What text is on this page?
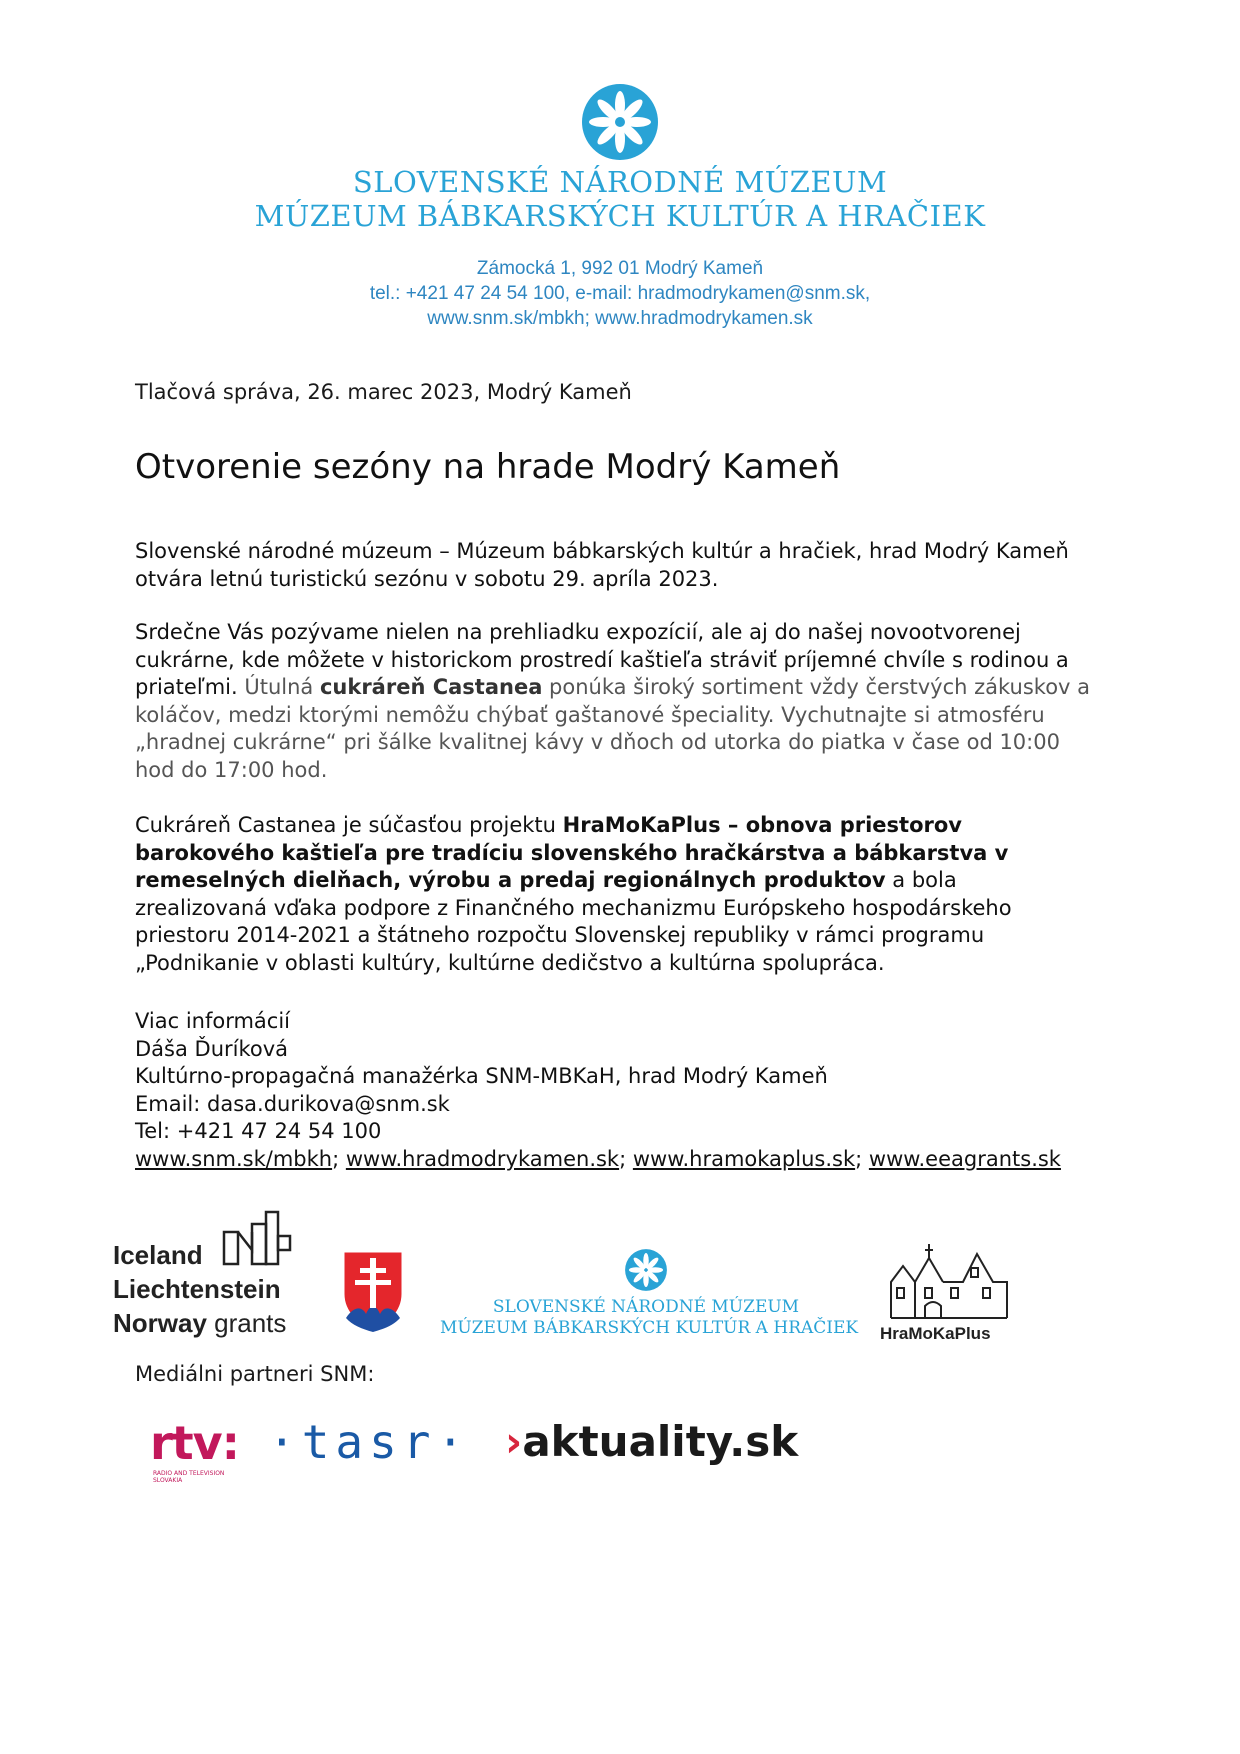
SLOVENSKÉ NÁRODNÉ MÚZEUM
MÚZEUM BÁBKARSKÝCH KULTÚR A HRAČIEK
Zámocká 1, 992 01 Modrý Kameň
tel.: +421 47 24 54 100, e-mail: hradmodrykamen@snm.sk,
www.snm.sk/mbkh; www.hradmodrykamen.sk
Tlačová správa, 26. marec 2023, Modrý Kameň
Otvorenie sezóny na hrade Modrý Kameň

Slovenské národné múzeum – Múzeum bábkarských kultúr a hračiek, hrad Modrý Kameň otvára letnú turistickú sezónu v sobotu 29. apríla 2023.

Srdečne Vás pozývame nielen na prehliadku expozícií, ale aj do našej novootvorenej cukrárne, kde môžete v historickom prostredí kaštieľa stráviť príjemné chvíle s rodinou a priateľmi. Útulná cukráreň Castanea ponúka široký sortiment vždy čerstvých zákuskov a koláčov, medzi ktorými nemôžu chýbať gaštanové špeciality. Vychutnajte si atmosféru „hradnej cukrárne“ pri šálke kvalitnej kávy v dňoch od utorka do piatka v čase od 10:00 hod do 17:00 hod.

Cukráreň Castanea je súčasťou projektu HraMoKaPlus – obnova priestorov barokového kaštieľa pre tradíciu slovenského hračkárstva a bábkarstva v remeselných dielňach, výrobu a predaj regionálnych produktov a bola zrealizovaná vďaka podpore z Finančného mechanizmu Európskeho hospodárskeho priestoru 2014-2021 a štátneho rozpočtu Slovenskej republiky v rámci programu „Podnikanie v oblasti kultúry, kultúrne dedičstvo a kultúrna spolupráca.

Viac informácií
Dáša Ďuríková
Kultúrno-propagačná manažérka SNM-MBKaH, hrad Modrý Kameň
Email: dasa.durikova@snm.sk
Tel: +421 47 24 54 100
www.snm.sk/mbkh; www.hradmodrykamen.sk; www.hramokaplus.sk; www.eeagrants.sk
Iceland
Liechtenstein
Norway grants
SLOVENSKÉ NÁRODNÉ MÚZEUM
MÚZEUM BÁBKARSKÝCH KULTÚR A HRAČIEK HraMoKaPlus
Mediálni partneri SNM:
rtv:
RADIO AND TELEVISION SLOVAKIA
·tasr· ›aktuality.sk
